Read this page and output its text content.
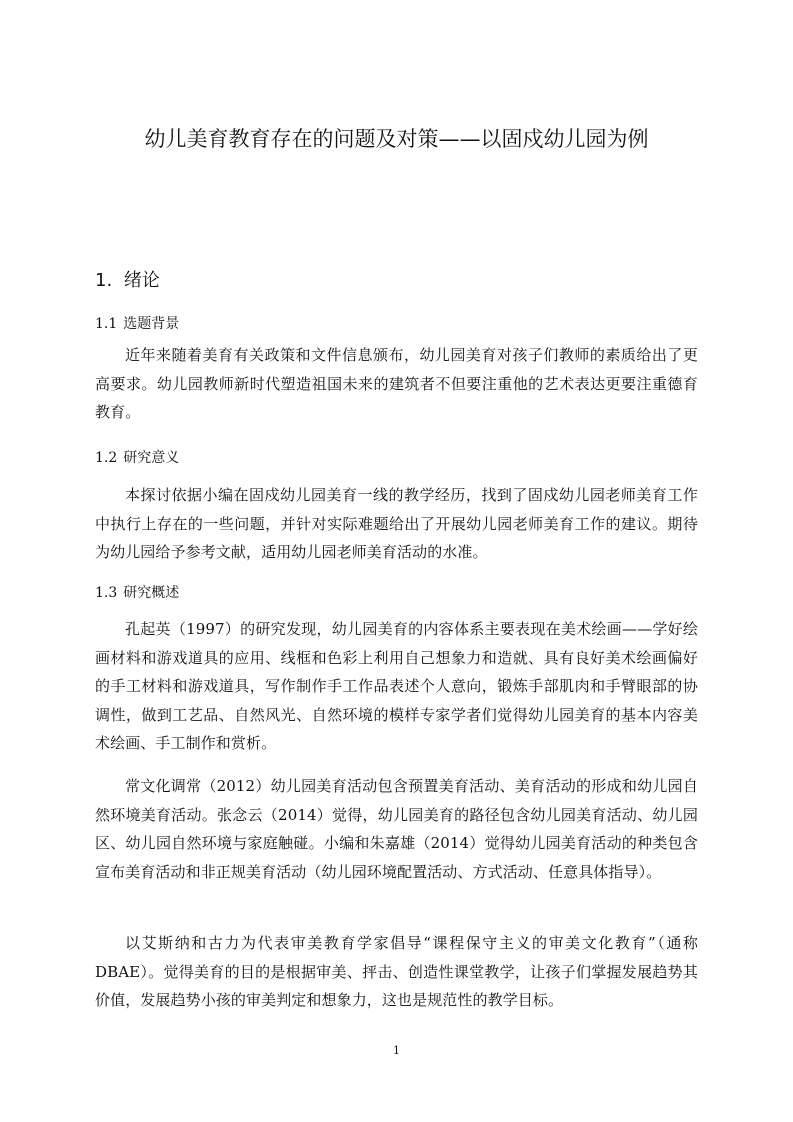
幼儿美育教育存在的问题及对策——以固戍幼儿园为例
1. 绪论
1.1 选题背景

近年来随着美育有关政策和文件信息颁布，幼儿园美育对孩子们教师的素质给出了更高要求。幼儿园教师新时代塑造祖国未来的建筑者不但要注重他的艺术表达更要注重德育教育。

1.2 研究意义

本探讨依据小编在固戍幼儿园美育一线的教学经历，找到了固戍幼儿园老师美育工作中执行上存在的一些问题，并针对实际难题给出了开展幼儿园老师美育工作的建议。期待为幼儿园给予参考文献，适用幼儿园老师美育活动的水准。

1.3 研究概述

孔起英（1997）的研究发现，幼儿园美育的内容体系主要表现在美术绘画——学好绘画材料和游戏道具的应用、线框和色彩上利用自己想象力和造就、具有良好美术绘画偏好的手工材料和游戏道具，写作制作手工作品表述个人意向，锻炼手部肌肉和手臂眼部的协调性，做到工艺品、自然风光、自然环境的模样专家学者们觉得幼儿园美育的基本内容美术绘画、手工制作和赏析。

常文化调常（2012）幼儿园美育活动包含预置美育活动、美育活动的形成和幼儿园自然环境美育活动。张念云（2014）觉得，幼儿园美育的路径包含幼儿园美育活动、幼儿园区、幼儿园自然环境与家庭触碰。小编和朱嘉雄（2014）觉得幼儿园美育活动的种类包含宣布美育活动和非正规美育活动（幼儿园环境配置活动、方式活动、任意具体指导）。

以艾斯纳和古力为代表审美教育学家倡导“课程保守主义的审美文化教育”（通称DBAE）。觉得美育的目的是根据审美、抨击、创造性课堂教学，让孩子们掌握发展趋势其价值，发展趋势小孩的审美判定和想象力，这也是规范性的教学目标。

1
